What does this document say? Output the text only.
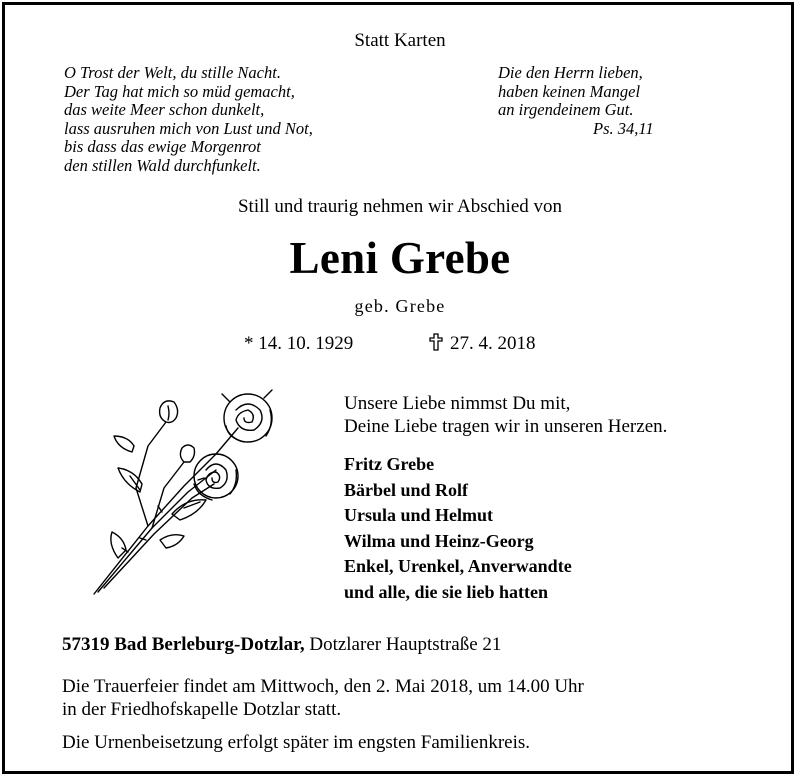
Statt Karten
O Trost der Welt, du stille Nacht.
Der Tag hat mich so müd gemacht,
das weite Meer schon dunkelt,
lass ausruhen mich von Lust und Not,
bis dass das ewige Morgenrot
den stillen Wald durchfunkelt.
Die den Herrn lieben,
haben keinen Mangel
an irgendeinem Gut.
Ps. 34,11
Still und traurig nehmen wir Abschied von
Leni Grebe
geb. Grebe
* 14. 10. 1929	27. 4. 2018
Unsere Liebe nimmst Du mit,
Deine Liebe tragen wir in unseren Herzen.
Fritz Grebe
Bärbel und Rolf
Ursula und Helmut
Wilma und Heinz-Georg
Enkel, Urenkel, Anverwandte
und alle, die sie lieb hatten
57319 Bad Berleburg-Dotzlar, Dotzlarer Hauptstraße 21
Die Trauerfeier findet am Mittwoch, den 2. Mai 2018, um 14.00 Uhr
in der Friedhofskapelle Dotzlar statt.
Die Urnenbeisetzung erfolgt später im engsten Familienkreis.
